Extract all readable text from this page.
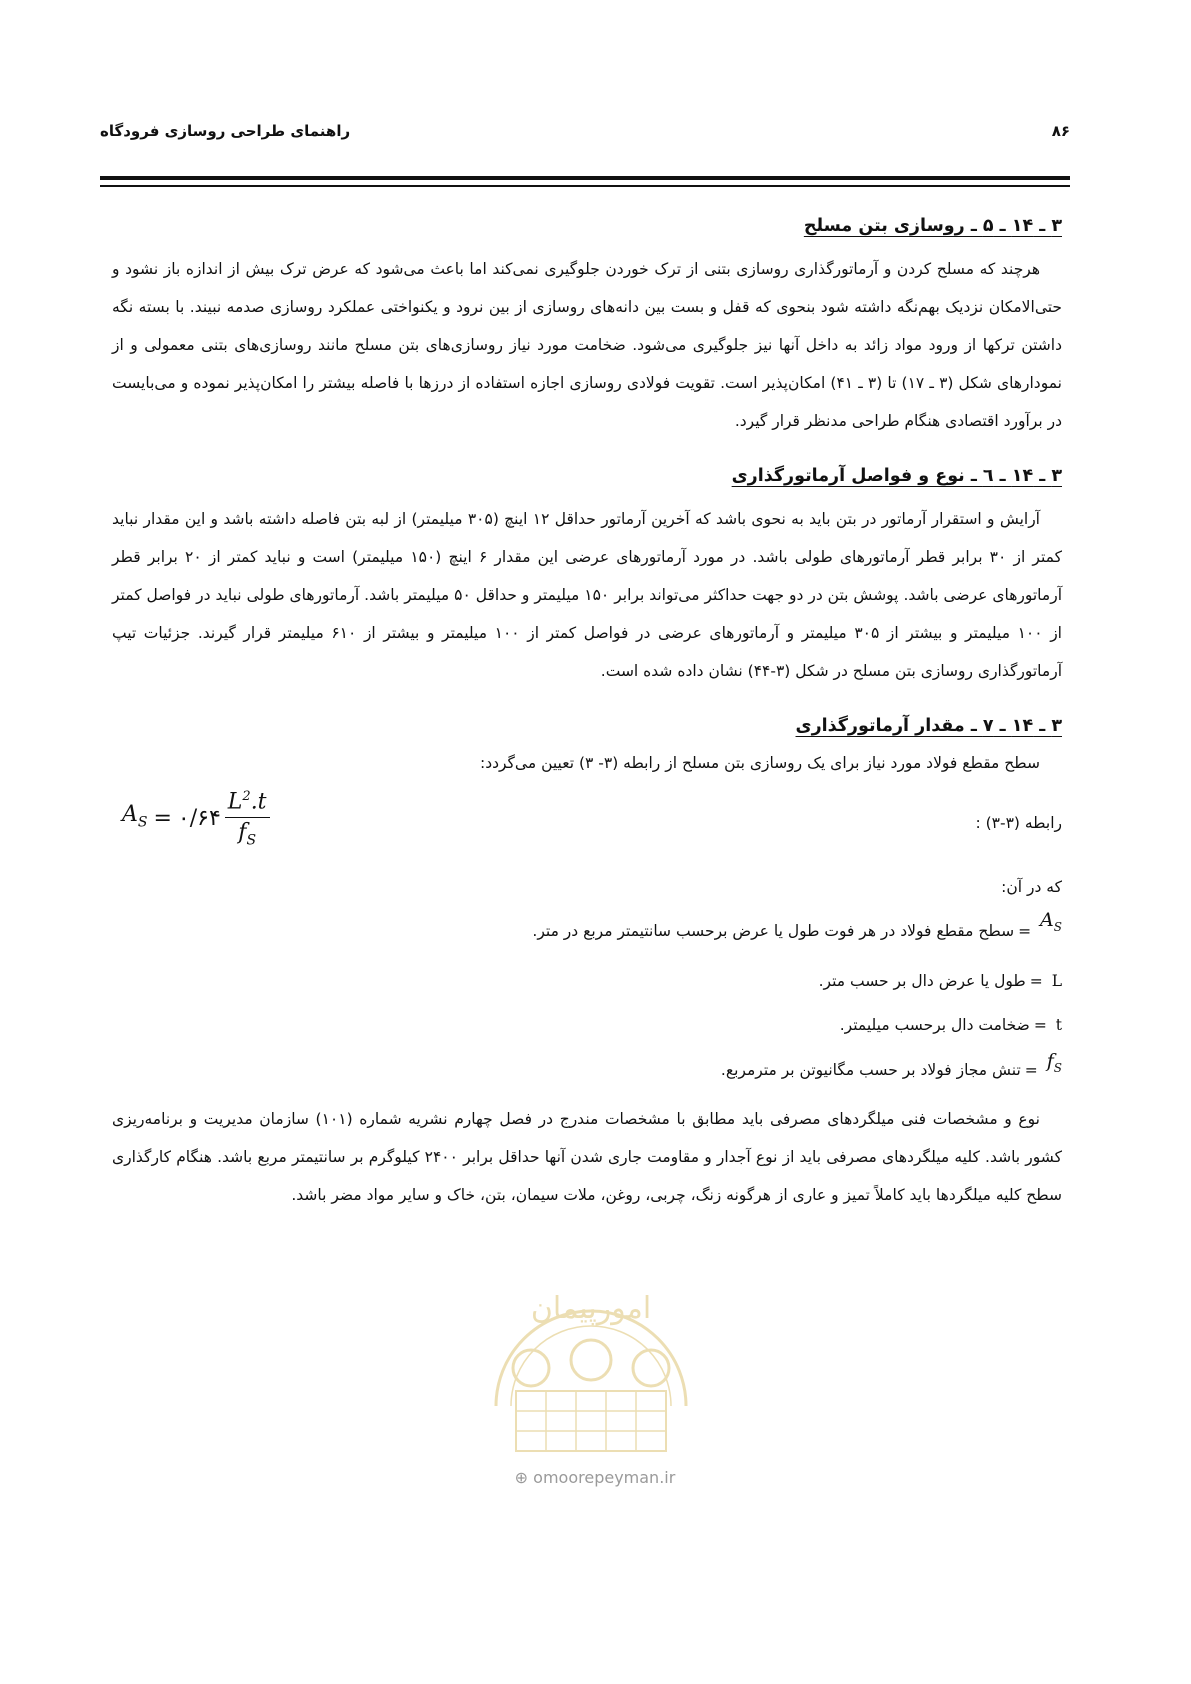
۸۶
راهنمای طراحی روسازی فرودگاه
۳ ـ ۱۴ ـ ۵ ـ روسازی بتن مسلح

هرچند که مسلح کردن و آرماتورگذاری روسازی بتنی از ترک خوردن جلوگیری نمی‌کند اما باعث می‌شود که عرض ترک بیش از اندازه باز نشود و حتی‌الامکان نزدیک بهم‌نگه داشته شود بنحوی که قفل و بست بین دانه‌های روسازی از بین نرود و یکنواختی عملکرد روسازی صدمه نبیند. با بسته نگه داشتن ترکها از ورود مواد زائد به داخل آنها نیز جلوگیری می‌شود. ضخامت مورد نیاز روسازی‌های بتن مسلح مانند روسازی‌های بتنی معمولی و از نمودارهای شکل (۳ ـ ۱۷) تا (۳ ـ ۴۱) امکان‌پذیر است. تقویت فولادی روسازی اجازه استفاده از درزها با فاصله بیشتر را امکان‌پذیر نموده و می‌بایست در برآورد اقتصادی هنگام طراحی مدنظر قرار گیرد.

۳ ـ ۱۴ ـ ٦ ـ نوع و فواصل آرماتورگذاری

آرایش و استقرار آرماتور در بتن باید به نحوی باشد که آخرین آرماتور حداقل ۱۲ اینچ (۳۰۵ میلیمتر) از لبه بتن فاصله داشته باشد و این مقدار نباید کمتر از ۳۰ برابر قطر آرماتورهای طولی باشد. در مورد آرماتورهای عرضی این مقدار ۶ اینچ (۱۵۰ میلیمتر) است و نباید کمتر از ۲۰ برابر قطر آرماتورهای عرضی باشد. پوشش بتن در دو جهت حداکثر می‌تواند برابر ۱۵۰ میلیمتر و حداقل ۵۰ میلیمتر باشد. آرماتورهای طولی نباید در فواصل کمتر از ۱۰۰ میلیمتر و بیشتر از ۳۰۵ میلیمتر و آرماتورهای عرضی در فواصل کمتر از ۱۰۰ میلیمتر و بیشتر از ۶۱۰ میلیمتر قرار گیرند. جزئیات تیپ آرماتورگذاری روسازی بتن مسلح در شکل (۳-۴۴) نشان داده شده است.

۳ ـ ۱۴ ـ ۷ ـ مقدار آرماتورگذاری

سطح مقطع فولاد مورد نیاز برای یک روسازی بتن مسلح از رابطه (۳- ۳) تعیین می‌گردد:

رابطه (۳-۳) :
$A_S$ = ۰/۶۴ $\frac{L^2.t}{f_S}$

که در آن:

$A_S$ =سطح مقطع فولاد در هر فوت طول یا عرض برحسب سانتیمتر مربع در متر.
L =طول یا عرض دال بر حسب متر.
t =ضخامت دال برحسب میلیمتر.
$f_S$ =تنش مجاز فولاد بر حسب مگانیوتن بر مترمربع.

نوع و مشخصات فنی میلگردهای مصرفی باید مطابق با مشخصات مندرج در فصل چهارم نشریه شماره (۱۰۱) سازمان مدیریت و برنامه‌ریزی کشور باشد. کلیه میلگردهای مصرفی باید از نوع آجدار و مقاومت جاری شدن آنها حداقل برابر ۲۴۰۰ کیلوگرم بر سانتیمتر مربع باشد. هنگام کارگذاری سطح کلیه میلگردها باید کاملاً تمیز و عاری از هرگونه زنگ، چربی، روغن، ملات سیمان، بتن، خاک و سایر مواد مضر باشد.

امورپیمان
⊕ omoorepeyman.ir
